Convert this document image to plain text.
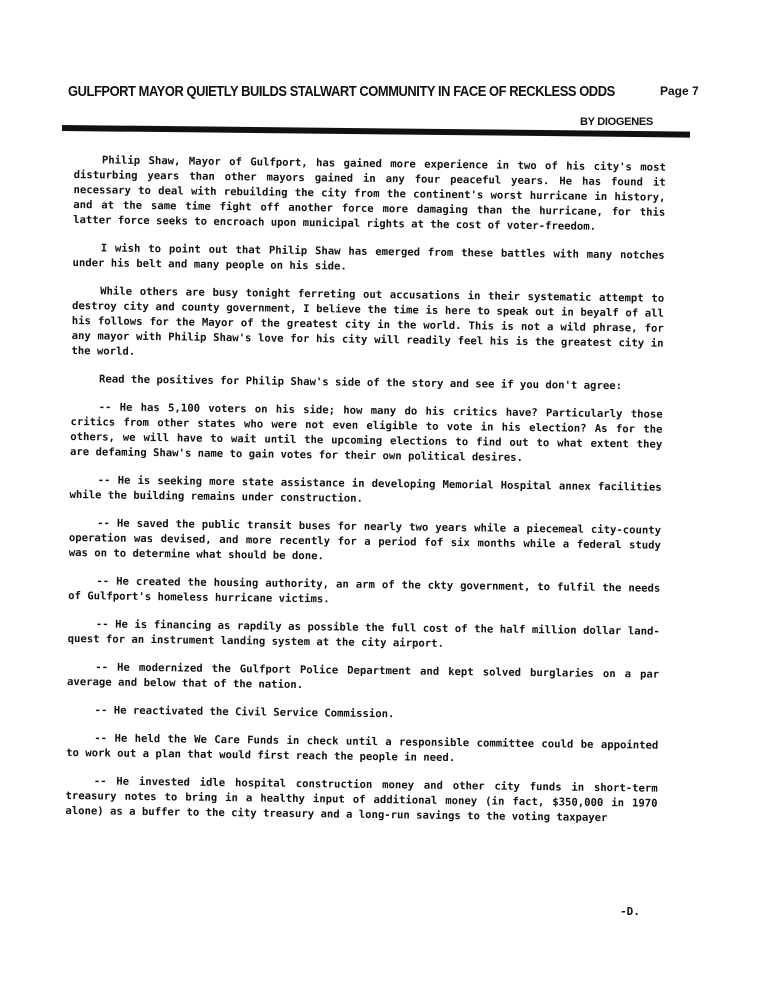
GULFPORT MAYOR QUIETLY BUILDS STALWART COMMUNITY IN FACE OF RECKLESS ODDS	Page 7
BY DIOGENES

Philip Shaw, Mayor of Gulfport, has gained more experience in two of his city's most disturbing years than other mayors gained in any four peaceful years. He has found it necessary to deal with rebuilding the city from the continent's worst hurricane in history, and at the same time fight off another force more damaging than the hurricane, for this latter force seeks to encroach upon municipal rights at the cost of voter-freedom.

I wish to point out that Philip Shaw has emerged from these battles with many notches under his belt and many people on his side.

While others are busy tonight ferreting out accusations in their systematic attempt to destroy city and county government, I believe the time is here to speak out in beyalf of all his follows for the Mayor of the greatest city in the world. This is not a wild phrase, for any mayor with Philip Shaw's love for his city will readily feel his is the greatest city in the world.

Read the positives for Philip Shaw's side of the story and see if you don't agree:

-- He has 5,100 voters on his side; how many do his critics have? Particularly those critics from other states who were not even eligible to vote in his election? As for the others, we will have to wait until the upcoming elections to find out to what extent they are defaming Shaw's name to gain votes for their own political desires.

-- He is seeking more state assistance in developing Memorial Hospital annex facilities while the building remains under construction.

-- He saved the public transit buses for nearly two years while a piecemeal city-county operation was devised, and more recently for a period fof six months while a federal study was on to determine what should be done.

-- He created the housing authority, an arm of the ckty government, to fulfil the needs of Gulfport's homeless hurricane victims.

-- He is financing as rapdily as possible the full cost of the half million dollar land-quest for an instrument landing system at the city airport.

-- He modernized the Gulfport Police Department and kept solved burglaries on a par average and below that of the nation.

-- He reactivated the Civil Service Commission.

-- He held the We Care Funds in check until a responsible committee could be appointed to work out a plan that would first reach the people in need.

-- He invested idle hospital construction money and other city funds in short-term treasury notes to bring in a healthy input of additional money (in fact, $350,000 in 1970 alone) as a buffer to the city treasury and a long-run savings to the voting taxpayer

-D.
